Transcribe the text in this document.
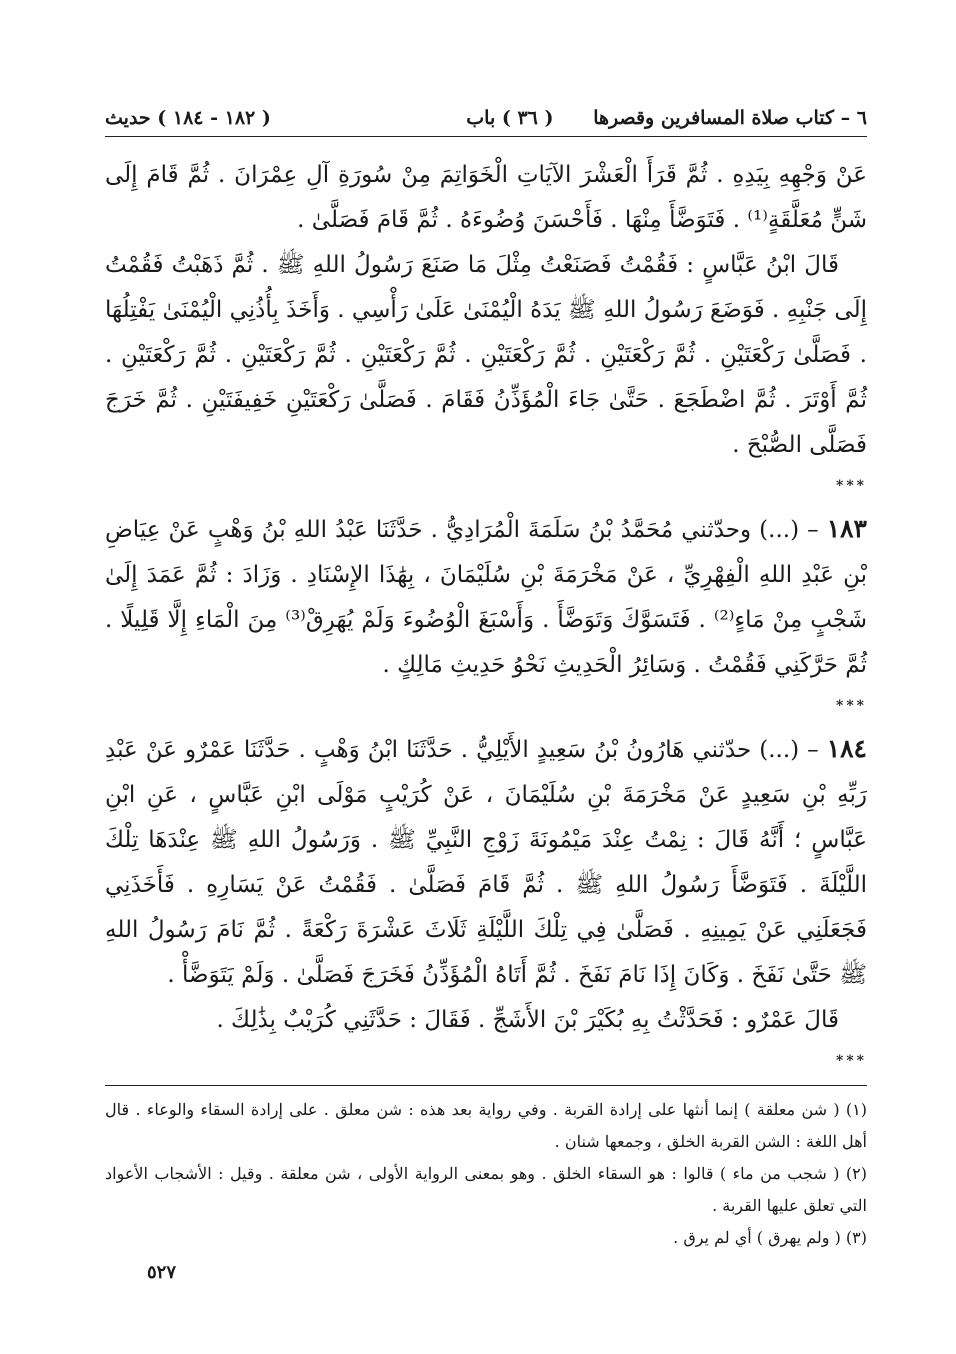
٦ – كتاب صلاة المسافرين وقصرها      ( ٣٦ ) باب
( ١٨٢ - ١٨٤ ) حديث

عَنْ وَجْهِهِ بِيَدِهِ . ثُمَّ قَرَأَ الْعَشْرَ الآيَاتِ الْخَوَاتِمَ مِنْ سُورَةِ آلِ عِمْرَانَ . ثُمَّ قَامَ إِلَى شَنٍّ مُعَلَّقَةٍ⁽¹⁾ . فَتَوَضَّأَ مِنْهَا . فَأَحْسَنَ وُضُوءَهُ . ثُمَّ قَامَ فَصَلَّىٰ .

قَالَ ابْنُ عَبَّاسٍ : فَقُمْتُ فَصَنَعْتُ مِثْلَ مَا صَنَعَ رَسُولُ اللهِ ﷺ . ثُمَّ ذَهَبْتُ فَقُمْتُ إِلَى جَنْبِهِ . فَوَضَعَ رَسُولُ اللهِ ﷺ يَدَهُ الْيُمْنَىٰ عَلَىٰ رَأْسِي . وَأَخَذَ بِأُذُنِي الْيُمْنَىٰ يَفْتِلُهَا . فَصَلَّىٰ رَكْعَتَيْنِ . ثُمَّ رَكْعَتَيْنِ . ثُمَّ رَكْعَتَيْنِ . ثُمَّ رَكْعَتَيْنِ . ثُمَّ رَكْعَتَيْنِ . ثُمَّ رَكْعَتَيْنِ . ثُمَّ أَوْتَرَ . ثُمَّ اضْطَجَعَ . حَتَّىٰ جَاءَ الْمُؤَذِّنُ فَقَامَ . فَصَلَّىٰ رَكْعَتَيْنِ خَفِيفَتَيْنِ . ثُمَّ خَرَجَ فَصَلَّى الصُّبْحَ .

***

١٨٣ – (...) وحدّثني مُحَمَّدُ بْنُ سَلَمَةَ الْمُرَادِيُّ . حَدَّثَنَا عَبْدُ اللهِ بْنُ وَهْبٍ عَنْ عِيَاضِ بْنِ عَبْدِ اللهِ الْفِهْرِيِّ ، عَنْ مَخْرَمَةَ بْنِ سُلَيْمَانَ ، بِهَٰذَا الإِسْنَادِ . وَزَادَ : ثُمَّ عَمَدَ إِلَىٰ شَجْبٍ مِنْ مَاءٍ⁽²⁾ . فَتَسَوَّكَ وَتَوَضَّأَ . وَأَسْبَغَ الْوُضُوءَ وَلَمْ يُهَرِقْ⁽³⁾ مِنَ الْمَاءِ إِلَّا قَلِيلًا . ثُمَّ حَرَّكَنِي فَقُمْتُ . وَسَائِرُ الْحَدِيثِ نَحْوُ حَدِيثِ مَالِكٍ .

***

١٨٤ – (...) حدّثني هَارُونُ بْنُ سَعِيدٍ الأَيْلِيُّ . حَدَّثَنَا ابْنُ وَهْبٍ . حَدَّثَنَا عَمْرٌو عَنْ عَبْدِ رَبِّهِ بْنِ سَعِيدٍ عَنْ مَخْرَمَةَ بْنِ سُلَيْمَانَ ، عَنْ كُرَيْبٍ مَوْلَى ابْنِ عَبَّاسٍ ، عَنِ ابْنِ عَبَّاسٍ ؛ أَنَّهُ قَالَ : نِمْتُ عِنْدَ مَيْمُونَةَ زَوْجِ النَّبِيِّ ﷺ . وَرَسُولُ اللهِ ﷺ عِنْدَهَا تِلْكَ اللَّيْلَةَ . فَتَوَضَّأَ رَسُولُ اللهِ ﷺ . ثُمَّ قَامَ فَصَلَّىٰ . فَقُمْتُ عَنْ يَسَارِهِ . فَأَخَذَنِي فَجَعَلَنِي عَنْ يَمِينِهِ . فَصَلَّىٰ فِي تِلْكَ اللَّيْلَةِ ثَلَاثَ عَشْرَةَ رَكْعَةً . ثُمَّ نَامَ رَسُولُ اللهِ ﷺ حَتَّىٰ نَفَخَ . وَكَانَ إِذَا نَامَ نَفَخَ . ثُمَّ أَتَاهُ الْمُؤَذِّنُ فَخَرَجَ فَصَلَّىٰ . وَلَمْ يَتَوَضَّأْ .

قَالَ عَمْرٌو : فَحَدَّثْتُ بِهِ بُكَيْرَ بْنَ الأَشَجِّ . فَقَالَ : حَدَّثَنِي كُرَيْبٌ بِذَٰلِكَ .

***

(١) ( شن معلقة ) إنما أنثها على إرادة القربة . وفي رواية بعد هذه : شن معلق . على إرادة السقاء والوعاء . قال أهل اللغة : الشن القربة الخلق ، وجمعها شنان .

(٢) ( شجب من ماء ) قالوا : هو السقاء الخلق . وهو بمعنى الرواية الأولى ، شن معلقة . وقيل : الأشجاب الأعواد التي تعلق عليها القربة .

(٣) ( ولم يهرق ) أي لم يرق .

٥٢٧
